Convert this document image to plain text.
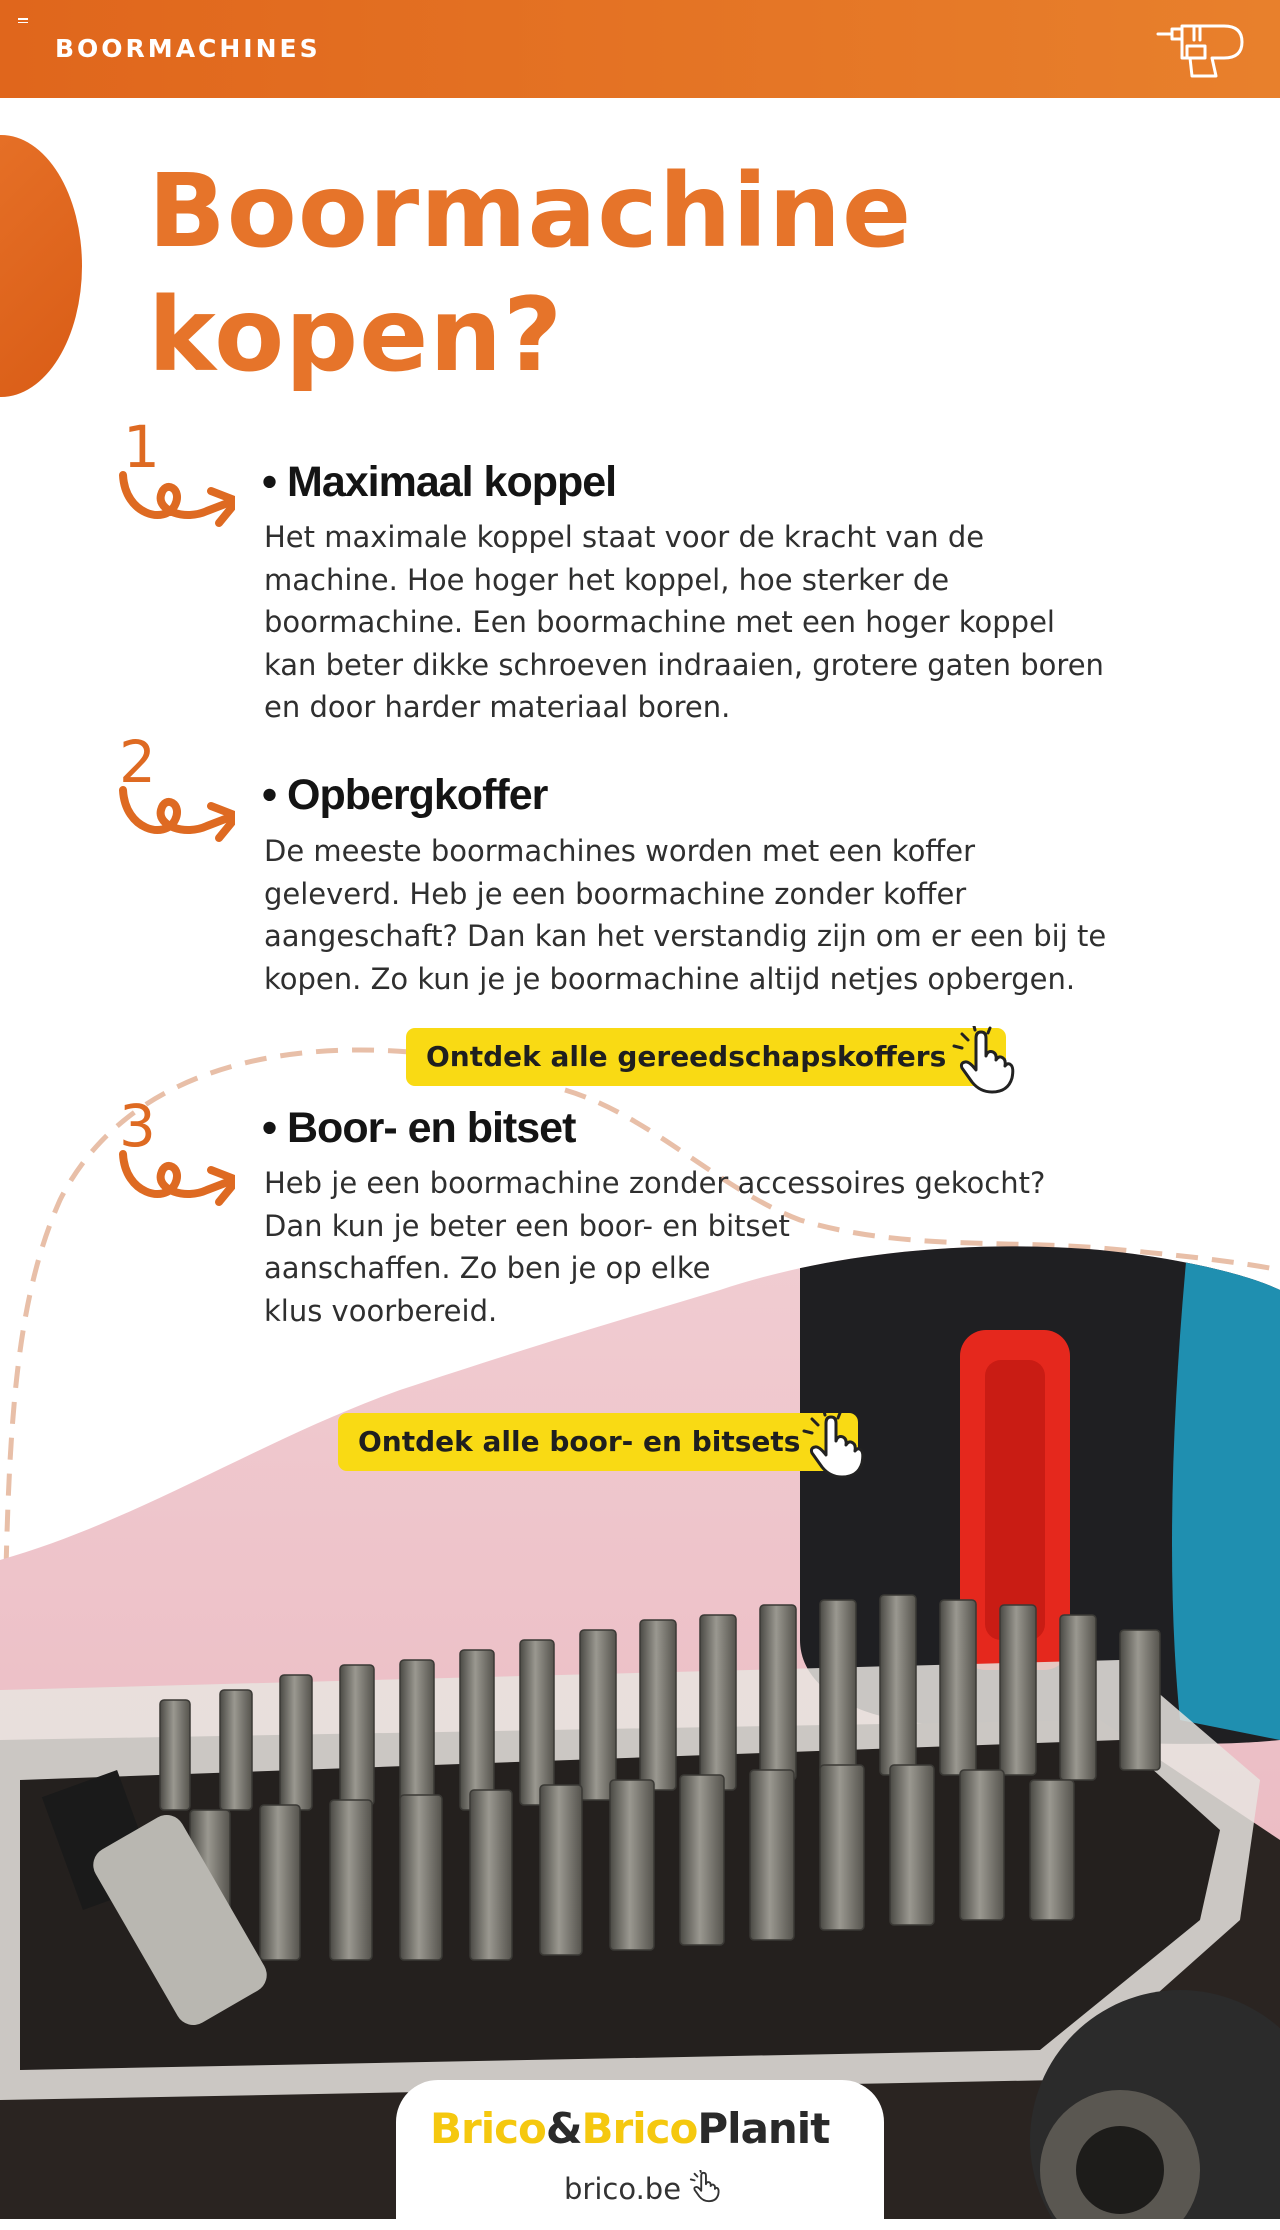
BOORMACHINES
Boormachine kopen?
1
• Maximaal koppel
Het maximale koppel staat voor de kracht van de
machine. Hoe hoger het koppel, hoe sterker de
boormachine. Een boormachine met een hoger koppel
kan beter dikke schroeven indraaien, grotere gaten boren
en door harder materiaal boren.
2 • Opbergkoffer
De meeste boormachines worden met een koffer
geleverd. Heb je een boormachine zonder koffer
aangeschaft? Dan kan het verstandig zijn om er een bij te
kopen. Zo kun je je boormachine altijd netjes opbergen.
Ontdek alle gereedschapskoffers
3 • Boor- en bitset
Heb je een boormachine zonder accessoires gekocht?
Dan kun je beter een boor- en bitset
aanschaffen. Zo ben je op elke
klus voorbereid.
Ontdek alle boor- en bitsets
Brico&BricoPlanit
brico.be
